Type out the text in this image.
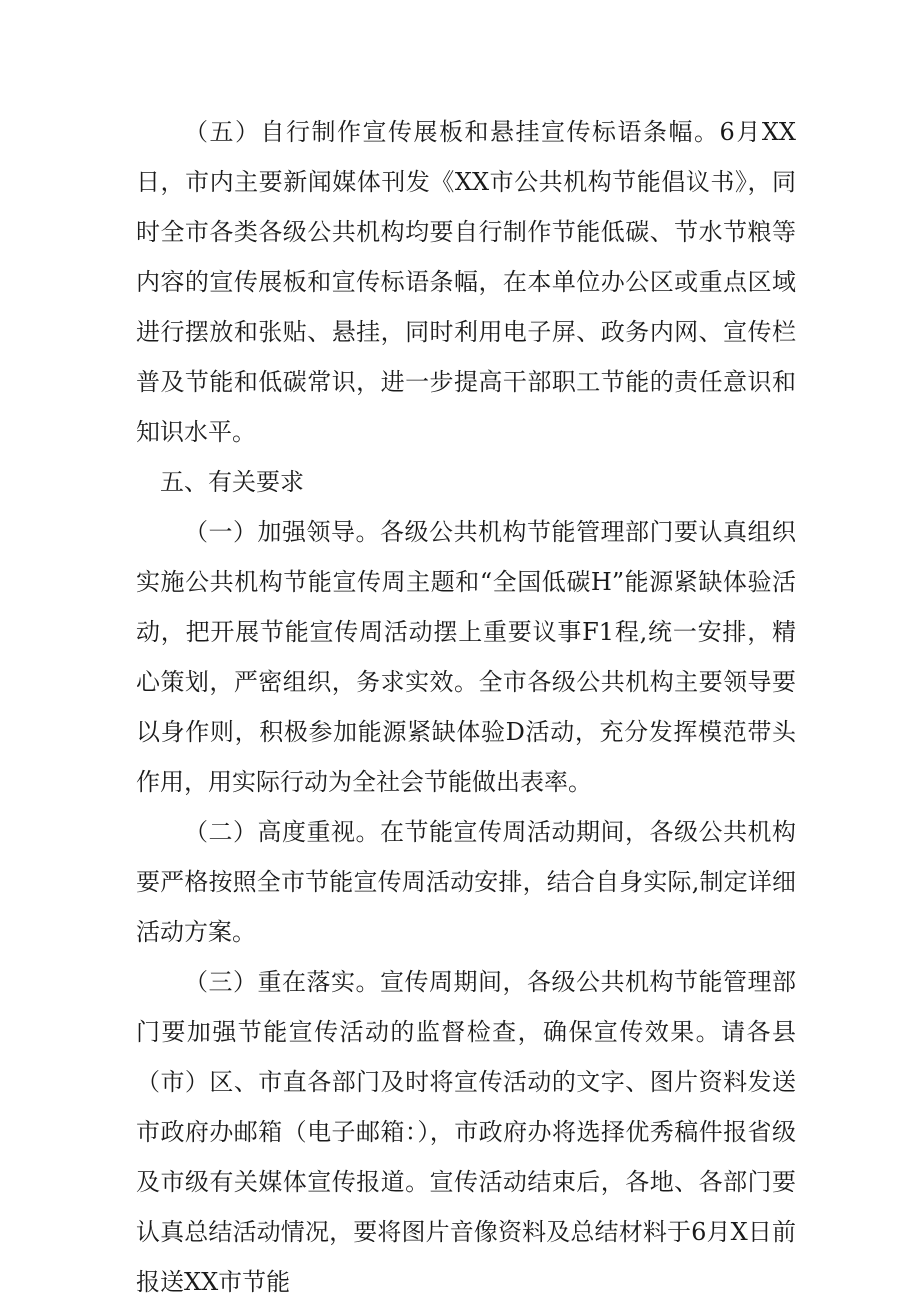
（五）自行制作宣传展板和悬挂宣传标语条幅。6月XX日，市内主要新闻媒体刊发《XX市公共机构节能倡议书》，同时全市各类各级公共机构均要自行制作节能低碳、节水节粮等内容的宣传展板和宣传标语条幅，在本单位办公区或重点区域进行摆放和张贴、悬挂，同时利用电子屏、政务内网、宣传栏普及节能和低碳常识，进一步提高干部职工节能的责任意识和知识水平。

五、有关要求

（一）加强领导。各级公共机构节能管理部门要认真组织实施公共机构节能宣传周主题和“全国低碳H”能源紧缺体验活动，把开展节能宣传周活动摆上重要议事F1程,统一安排，精心策划，严密组织，务求实效。全市各级公共机构主要领导要以身作则，积极参加能源紧缺体验D活动，充分发挥模范带头作用，用实际行动为全社会节能做出表率。

（二）高度重视。在节能宣传周活动期间，各级公共机构要严格按照全市节能宣传周活动安排，结合自身实际,制定详细活动方案。

（三）重在落实。宣传周期间，各级公共机构节能管理部门要加强节能宣传活动的监督检查，确保宣传效果。请各县（市）区、市直各部门及时将宣传活动的文字、图片资料发送市政府办邮箱（电子邮箱：），市政府办将选择优秀稿件报省级及市级有关媒体宣传报道。宣传活动结束后，各地、各部门要认真总结活动情况，要将图片音像资料及总结材料于6月X日前报送XX市节能
